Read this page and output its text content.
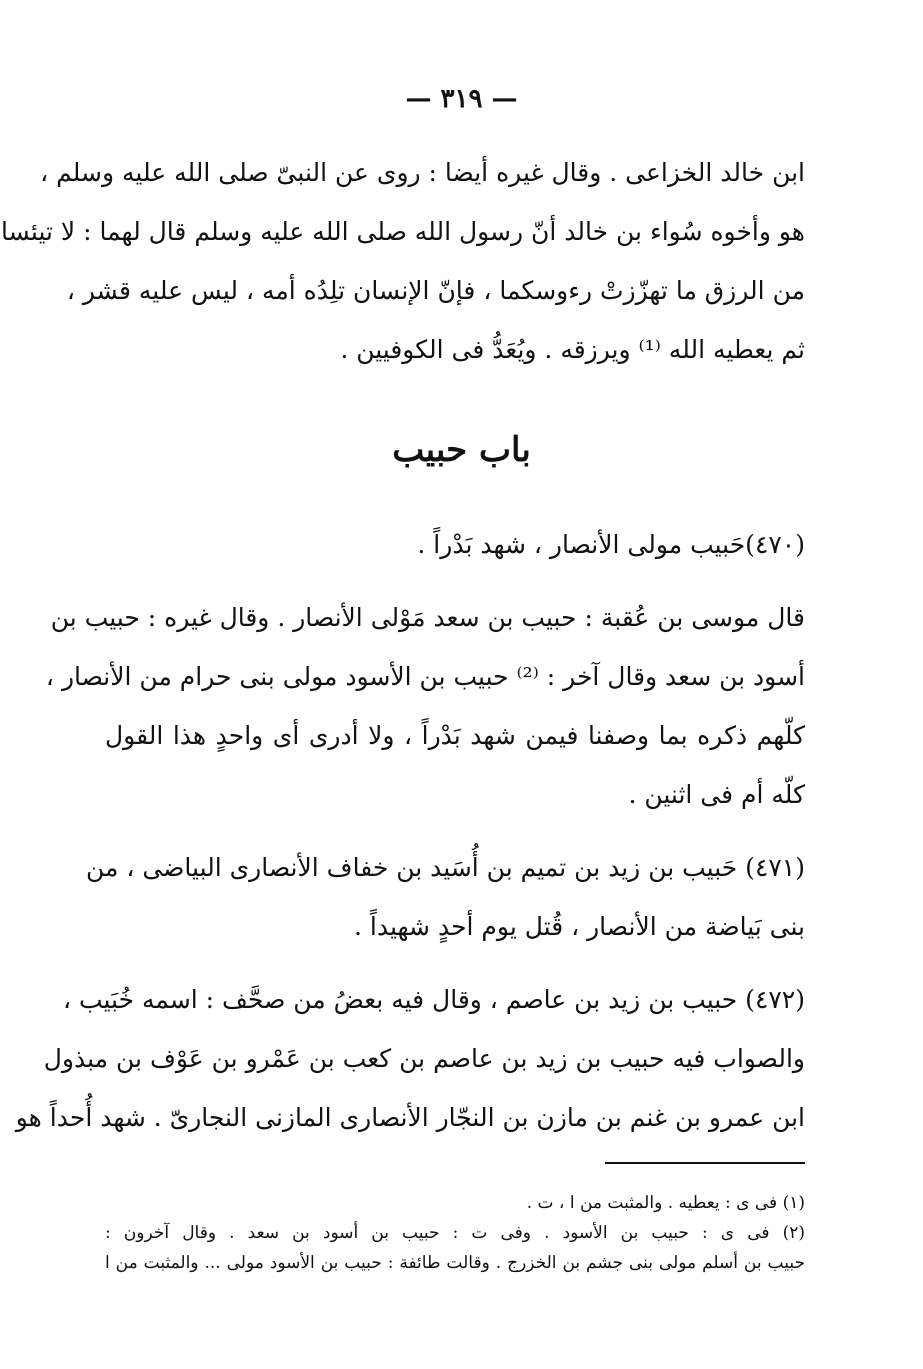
— ٣١٩ —
ابن خالد الخزاعى . وقال غيره أيضا : روى عن النبىّ صلى الله عليه وسلم ،
هو وأخوه سُواء بن خالد أنّ رسول الله صلى الله عليه وسلم قال لهما : لا تيئسا
من الرزق ما تهزّزتْ رءوسكما ، فإنّ الإنسان تلِدُه أمه ، ليس عليه قشر ،
ثم يعطيه الله ⁽¹⁾ ويرزقه . ويُعَدُّ فى الكوفيين .
باب حبيب
(٤٧٠)حَبيب مولى الأنصار ، شهد بَدْراً .
قال موسى بن عُقبة : حبيب بن سعد مَوْلى الأنصار . وقال غيره : حبيب بن
أسود بن سعد وقال آخر : ⁽²⁾ حبيب بن الأسود مولى بنى حرام من الأنصار ،
كلّهم ذكره بما وصفنا فيمن شهد بَدْراً ، ولا أدرى أى واحدٍ هذا القول
كلّه أم فى اثنين .
(٤٧١) حَبيب بن زيد بن تميم بن أُسَيد بن خفاف الأنصارى البياضى ، من
بنى بَياضة من الأنصار ، قُتل يوم أحدٍ شهيداً .
(٤٧٢) حبيب بن زيد بن عاصم ، وقال فيه بعضُ من صحَّف : اسمه خُبَيب ،
والصواب فيه حبيب بن زيد بن عاصم بن كعب بن عَمْرو بن عَوْف بن مبذول
ابن عمرو بن غنم بن مازن بن النجّار الأنصارى المازنى النجارىّ . شهد أُحداً هو
(١) فى ى : يعطيه . والمثبت من ا ، ت .
(٢) فى ى : حبيب بن الأسود . وفى ت : حبيب بن أسود بن سعد . وقال آخرون :
حبيب بن أسلم مولى بنى جشم بن الخزرج . وقالت طائفة : حبيب بن الأسود مولى ... والمثبت من ا
